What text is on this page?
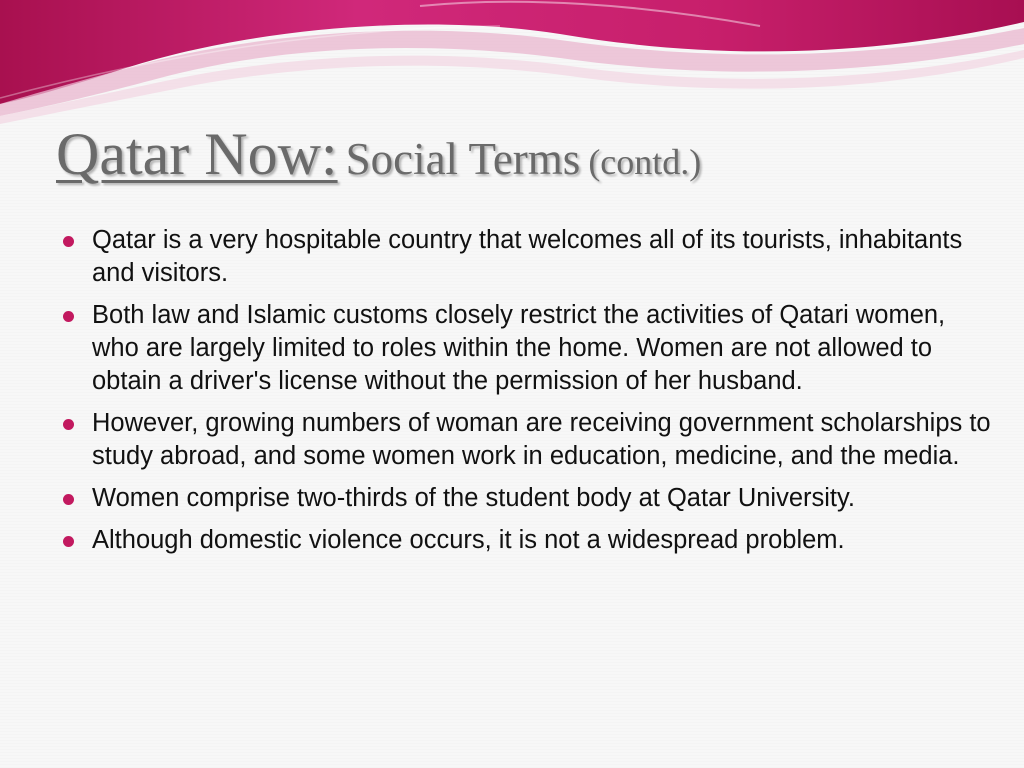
Qatar Now: Social Terms (contd.)
Qatar is a very hospitable country that welcomes all of its tourists, inhabitants and visitors.
Both law and Islamic customs closely restrict the activities of Qatari women, who are largely limited to roles within the home. Women are not allowed to obtain a driver's license without the permission of her husband.
However, growing numbers of woman are receiving government scholarships to study abroad, and some women work in education, medicine, and the media.
Women comprise two-thirds of the student body at Qatar University.
Although domestic violence occurs, it is not a widespread problem.
